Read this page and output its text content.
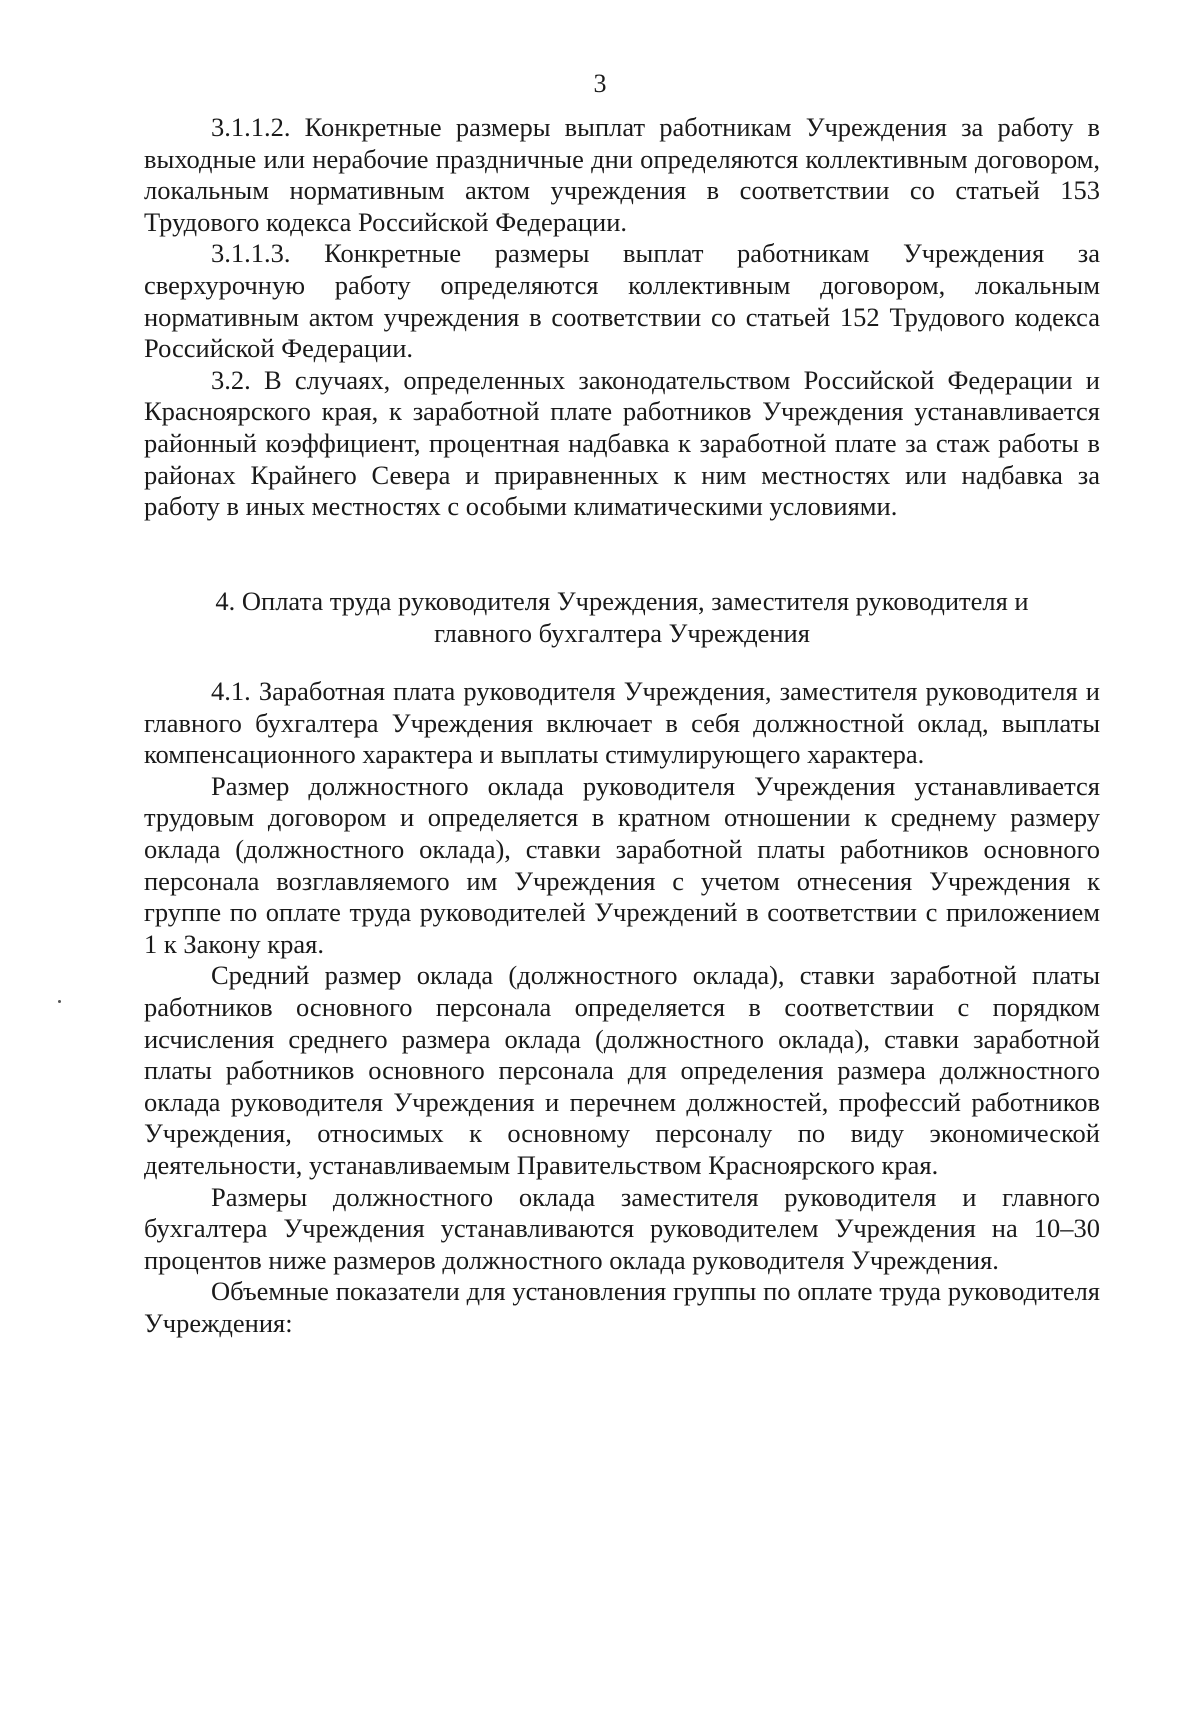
3

3.1.1.2. Конкретные размеры выплат работникам Учреждения за работу в выходные или нерабочие праздничные дни определяются коллективным договором, локальным нормативным актом учреждения в соответствии со статьей 153 Трудового кодекса Российской Федерации.

3.1.1.3. Конкретные размеры выплат работникам Учреждения за сверхурочную работу определяются коллективным договором, локальным нормативным актом учреждения в соответствии со статьей 152 Трудового кодекса Российской Федерации.

3.2. В случаях, определенных законодательством Российской Федерации и Красноярского края, к заработной плате работников Учреждения устанавливается районный коэффициент, процентная надбавка к заработной плате за стаж работы в районах Крайнего Севера и приравненных к ним местностях или надбавка за работу в иных местностях с особыми климатическими условиями.

4. Оплата труда руководителя Учреждения, заместителя руководителя и
главного бухгалтера Учреждения

4.1. Заработная плата руководителя Учреждения, заместителя руководителя и главного бухгалтера Учреждения включает в себя должностной оклад, выплаты компенсационного характера и выплаты стимулирующего характера.

Размер должностного оклада руководителя Учреждения устанавливается трудовым договором и определяется в кратном отношении к среднему размеру оклада (должностного оклада), ставки заработной платы работников основного персонала возглавляемого им Учреждения с учетом отнесения Учреждения к группе по оплате труда руководителей Учреждений в соответствии с приложением 1 к Закону края.

Средний размер оклада (должностного оклада), ставки заработной платы работников основного персонала определяется в соответствии с порядком исчисления среднего размера оклада (должностного оклада), ставки заработной платы работников основного персонала для определения размера должностного оклада руководителя Учреждения и перечнем должностей, профессий работников Учреждения, относимых к основному персоналу по виду экономической деятельности, устанавливаемым Правительством Красноярского края.

Размеры должностного оклада заместителя руководителя и главного бухгалтера Учреждения устанавливаются руководителем Учреждения на 10–30 процентов ниже размеров должностного оклада руководителя Учреждения.

Объемные показатели для установления группы по оплате труда руководителя Учреждения:
